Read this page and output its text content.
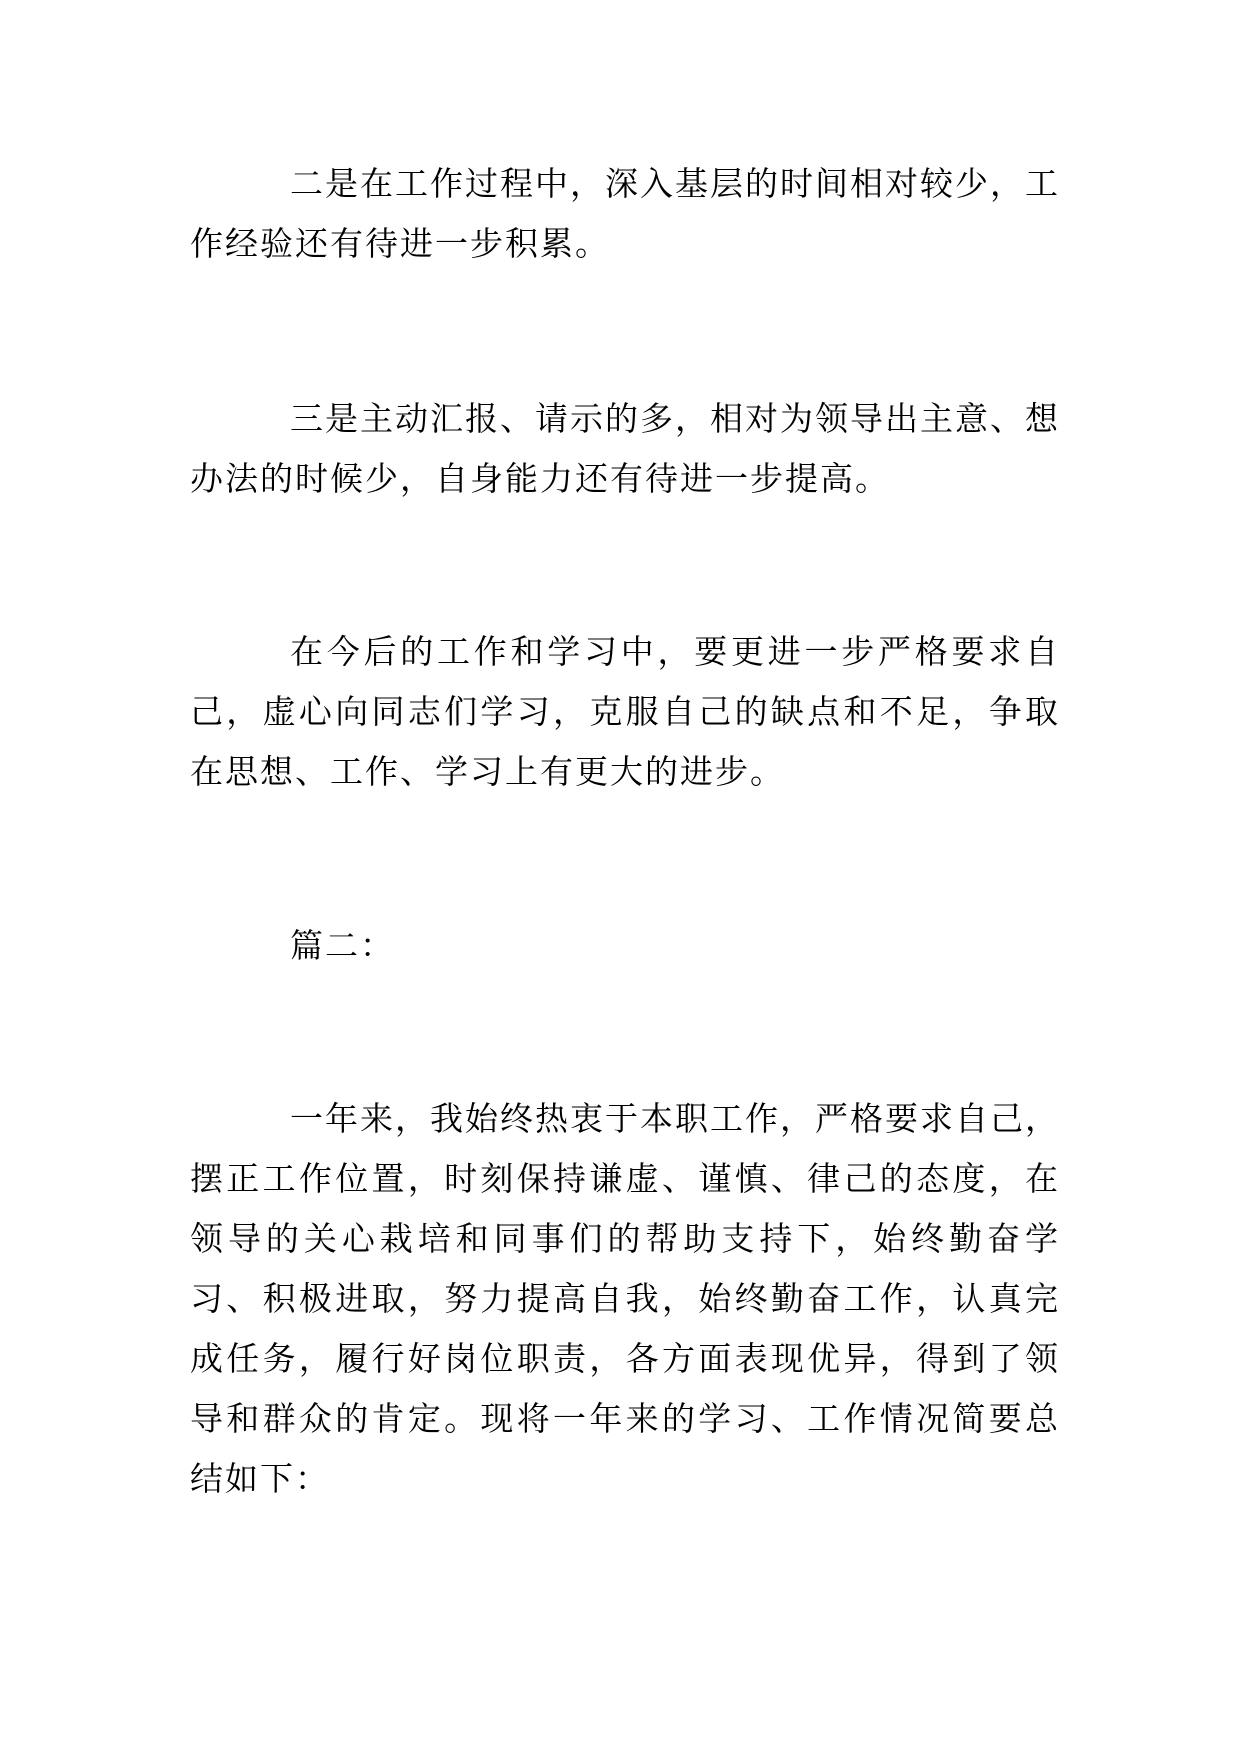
二是在工作过程中，深入基层的时间相对较少，工作经验还有待进一步积累。

三是主动汇报、请示的多，相对为领导出主意、想办法的时候少，自身能力还有待进一步提高。

在今后的工作和学习中，要更进一步严格要求自己，虚心向同志们学习，克服自己的缺点和不足，争取在思想、工作、学习上有更大的进步。

篇二：

一年来，我始终热衷于本职工作，严格要求自己，摆正工作位置，时刻保持谦虚、谨慎、律己的态度，在领导的关心栽培和同事们的帮助支持下，始终勤奋学习、积极进取，努力提高自我，始终勤奋工作，认真完成任务，履行好岗位职责，各方面表现优异，得到了领导和群众的肯定。现将一年来的学习、工作情况简要总结如下：
